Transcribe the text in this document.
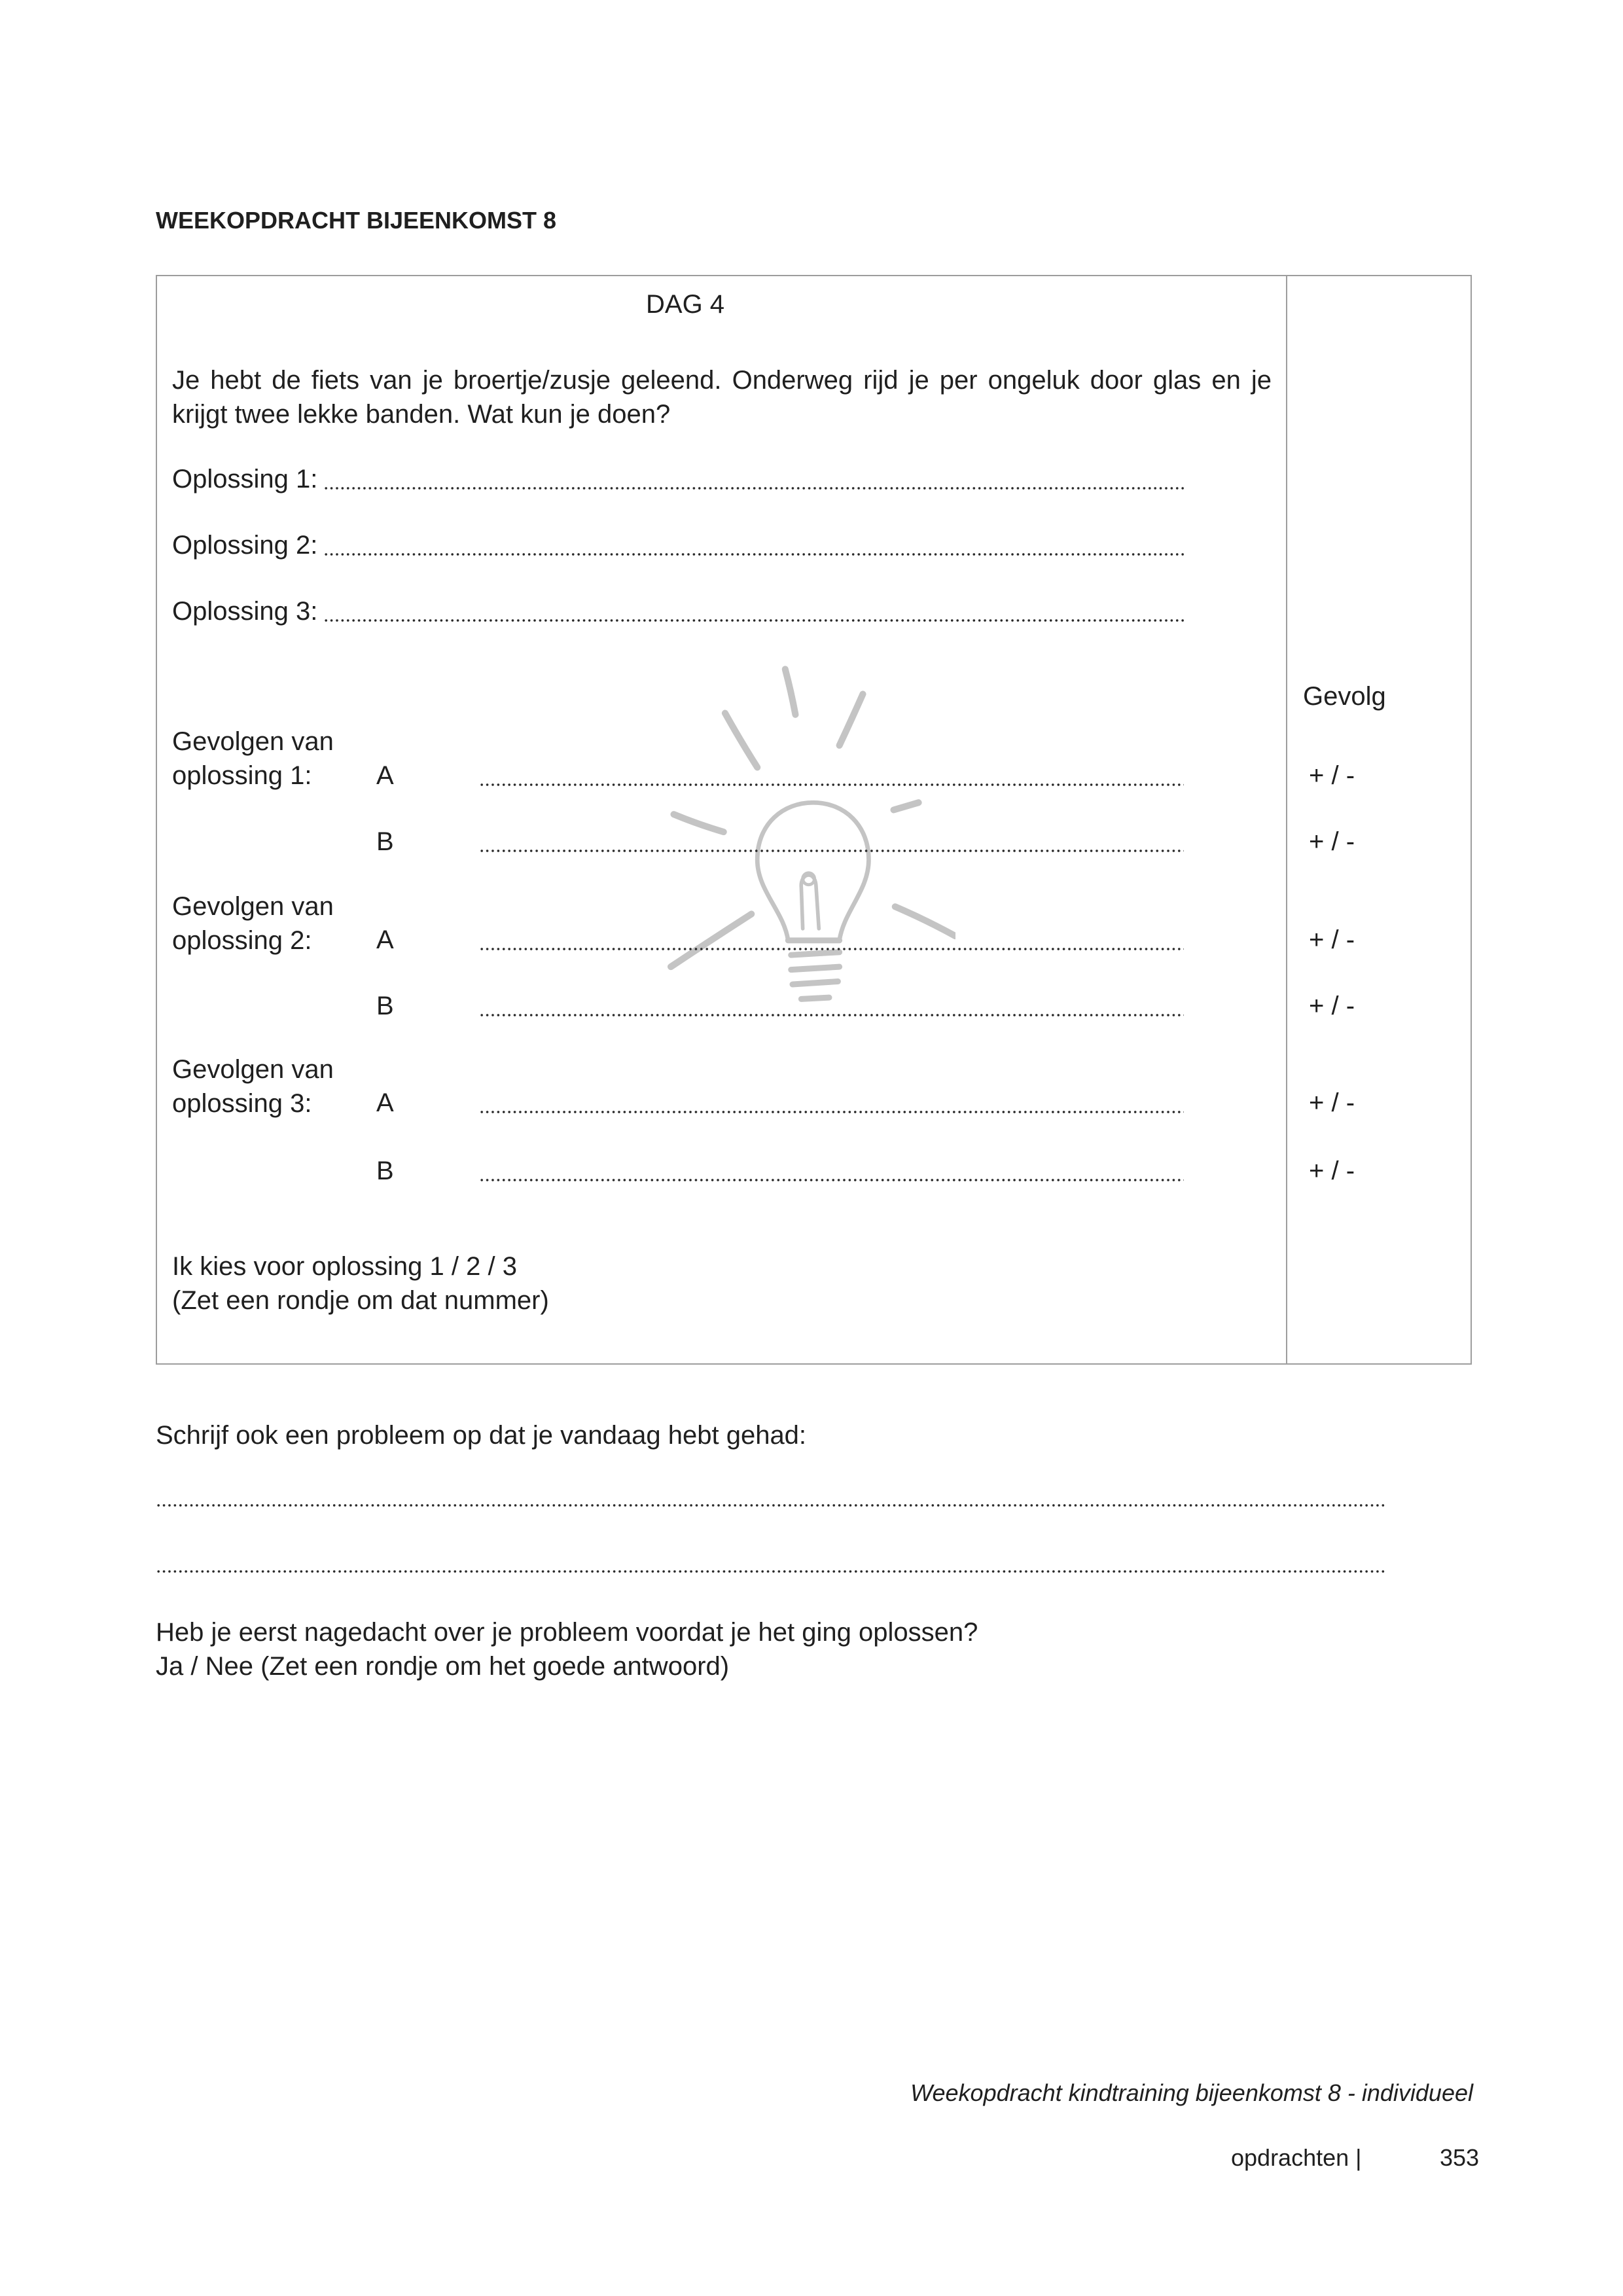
WEEKOPDRACHT BIJEENKOMST 8
DAG 4
Je hebt de fiets van je broertje/zusje geleend. Onderweg rijd je per ongeluk door glas en je krijgt twee lekke banden. Wat kun je doen?
Oplossing 1:
Oplossing 2:
Oplossing 3:
Gevolg
Gevolgen van
oplossing 1:	A	+ / -
B	+ / -
Gevolgen van
oplossing 2:	A	+ / -
B	+ / -
Gevolgen van
oplossing 3:	A	+ / -
B	+ / -
Ik kies voor oplossing 1 / 2 / 3
(Zet een rondje om dat nummer)
Schrijf ook een probleem op dat je vandaag hebt gehad:
Heb je eerst nagedacht over je probleem voordat je het ging oplossen?
Ja / Nee (Zet een rondje om het goede antwoord)
Weekopdracht kindtraining bijeenkomst 8 - individueel
opdrachten |	353
